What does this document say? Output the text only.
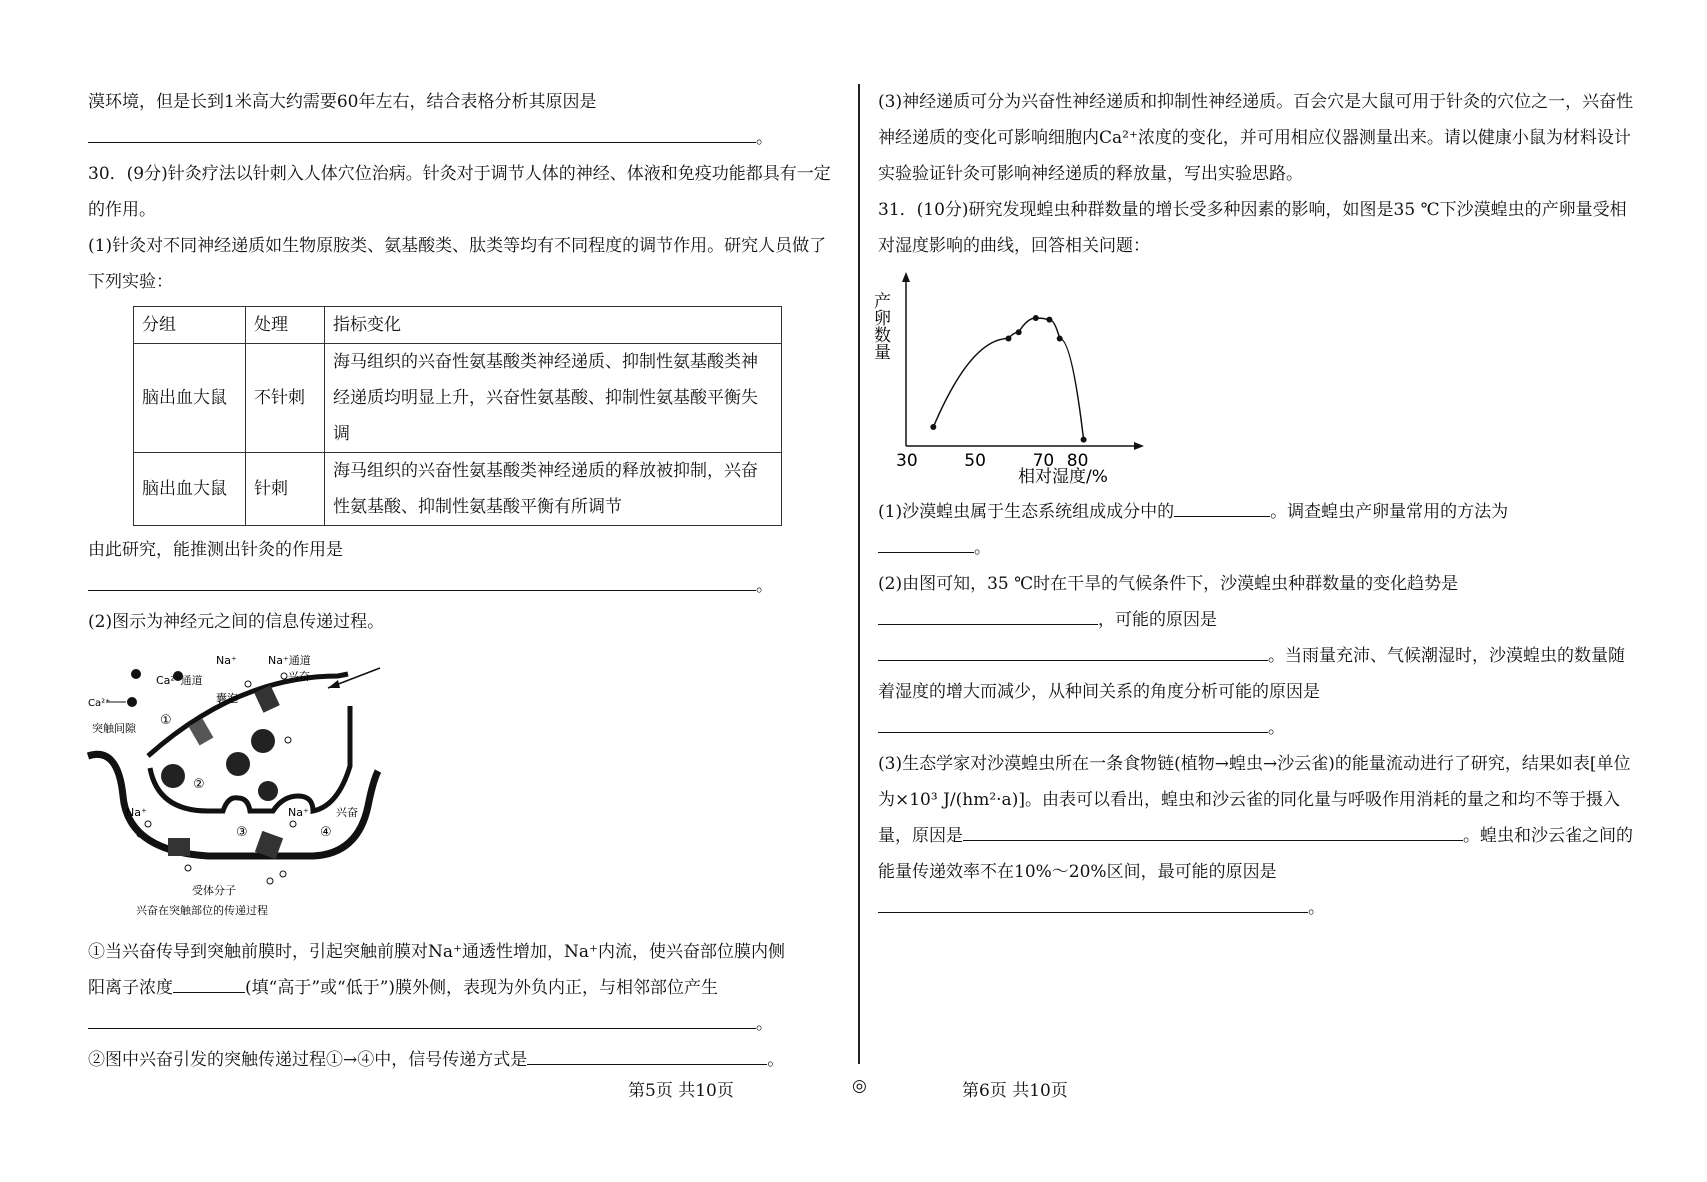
漠环境，但是长到1米高大约需要60年左右，结合表格分析其原因是

。

30．(9分)针灸疗法以针刺入人体穴位治病。针灸对于调节人体的神经、体液和免疫功能都具有一定的作用。

(1)针灸对不同神经递质如生物原胺类、氨基酸类、肽类等均有不同程度的调节作用。研究人员做了下列实验：

分组	处理	指标变化
脑出血大鼠	不针刺	海马组织的兴奋性氨基酸类神经递质、抑制性氨基酸类神经递质均明显上升，兴奋性氨基酸、抑制性氨基酸平衡失调
脑出血大鼠	针刺	海马组织的兴奋性氨基酸类神经递质的释放被抑制，兴奋性氨基酸、抑制性氨基酸平衡有所调节

由此研究，能推测出针灸的作用是

。

(2)图示为神经元之间的信息传递过程。

Na⁺	Na⁺通道
兴奋
Ca²⁺通道
Ca²⁺	囊泡
突触间隙
①
②
③	④
Na⁺	Na⁺ 兴奋
受体分子
兴奋在突触部位的传递过程

①当兴奋传导到突触前膜时，引起突触前膜对Na⁺通透性增加，Na⁺内流，使兴奋部位膜内侧

阳离子浓度	(填“高于”或“低于”)膜外侧，表现为外负内正，与相邻部位产生

。

②图中兴奋引发的突触传递过程①→④中，信号传递方式是	。

(3)神经递质可分为兴奋性神经递质和抑制性神经递质。百会穴是大鼠可用于针灸的穴位之一，兴奋性神经递质的变化可影响细胞内Ca²⁺浓度的变化，并可用相应仪器测量出来。请以健康小鼠为材料设计实验验证针灸可影响神经递质的释放量，写出实验思路。

31．(10分)研究发现蝗虫种群数量的增长受多种因素的影响，如图是35 ℃下沙漠蝗虫的产卵量受相对湿度影响的曲线，回答相关问题：

产卵数量
30	50	70 80
相对湿度/%

(1)沙漠蝗虫属于生态系统组成成分中的	。调查蝗虫产卵量常用的方法为

。

(2)由图可知，35 ℃时在干旱的气候条件下，沙漠蝗虫种群数量的变化趋势是

，可能的原因是

。当雨量充沛、气候潮湿时，沙漠蝗虫的数量随着湿度的增大而减少，从种间关系的角度分析可能的原因是

。

(3)生态学家对沙漠蝗虫所在一条食物链(植物→蝗虫→沙云雀)的能量流动进行了研究，结果如表[单位为×10³ J/(hm²·a)]。由表可以看出，蝗虫和沙云雀的同化量与呼吸作用消耗的量之和均不等于摄入量，原因是	。蝗虫和沙云雀之间的能量传递效率不在10%～20%区间，最可能的原因是

。

第5页 共10页	◎	第6页 共10页
